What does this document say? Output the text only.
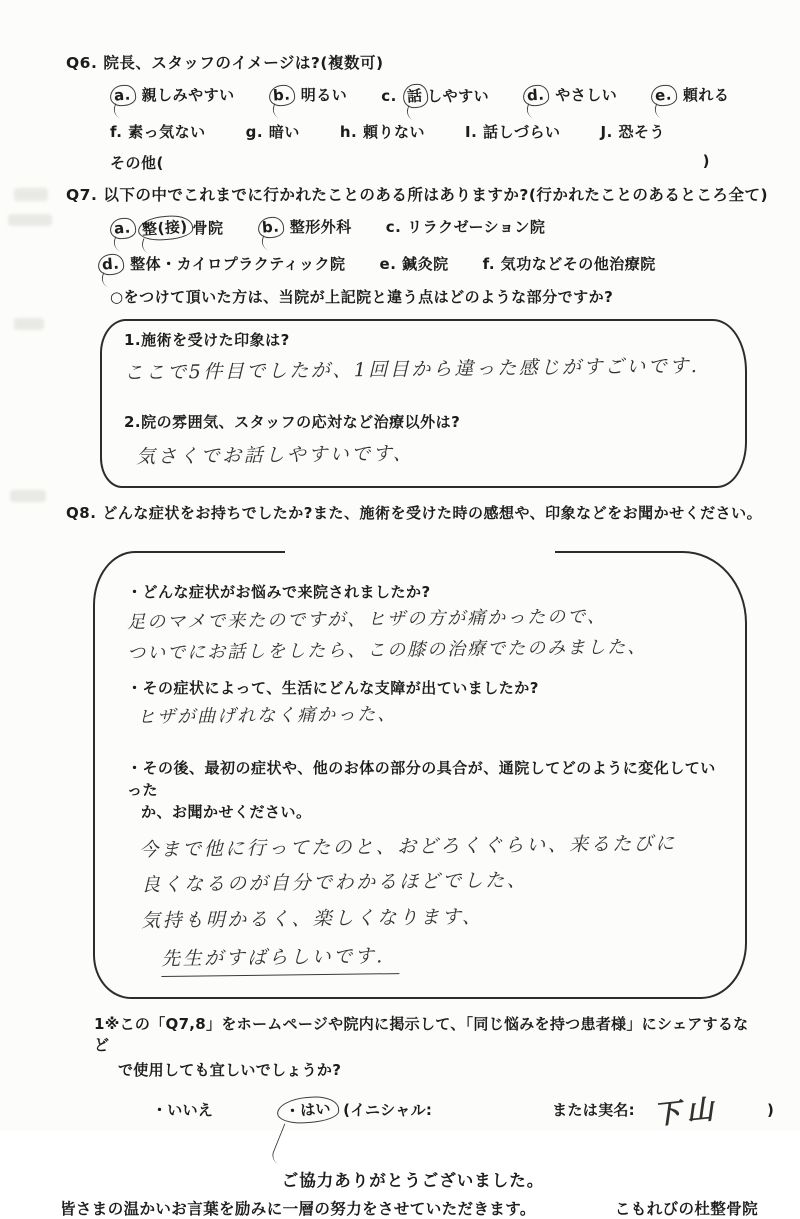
Q6. 院長、スタッフのイメージは?(複数可)
a. 親しみやすい b. 明るい c. 話 しやすい d. やさしい e. 頼れる
f. 素っ気ない	g. 暗い	h. 頼りない	I. 話しづらい	J. 恐そう
その他(	)
Q7. 以下の中でこれまでに行かれたことのある所はありますか?(行かれたことのあるところ全て)
a. 整(接) 骨院 b. 整形外科 c. リラクゼーション院
d. 整体・カイロプラクティック院 e. 鍼灸院 f. 気功などその他治療院
○をつけて頂いた方は、当院が上記院と違う点はどのような部分ですか?
1.施術を受けた印象は?
ここで5件目でしたが、1回目から違った感じがすごいです.
2.院の雰囲気、スタッフの応対など治療以外は?
気さくでお話しやすいです、
Q8. どんな症状をお持ちでしたか?また、施術を受けた時の感想や、印象などをお聞かせください。
・どんな症状がお悩みで来院されましたか?
足のマメで来たのですが、ヒザの方が痛かったので、
ついでにお話しをしたら、この膝の治療でたのみました、
・その症状によって、生活にどんな支障が出ていましたか?
ヒザが曲げれなく痛かった、
・その後、最初の症状や、他のお体の部分の具合が、通院してどのように変化していった
か、お聞かせください。
今まで他に行ってたのと、おどろくぐらい、来るたびに
良くなるのが自分でわかるほどでした、
気持も明かるく、楽しくなります、
先生がすばらしいです.
1※この「Q7,8」をホームページや院内に掲示して、「同じ悩みを持つ患者様」にシェアするなど
で使用しても宜しいでしょうか?
・いいえ	・はい (イニシャル:	または実名: 下山	)
ご協力ありがとうございました。
皆さまの温かいお言葉を励みに一層の努力をさせていただきます。	こもれびの杜整骨院
